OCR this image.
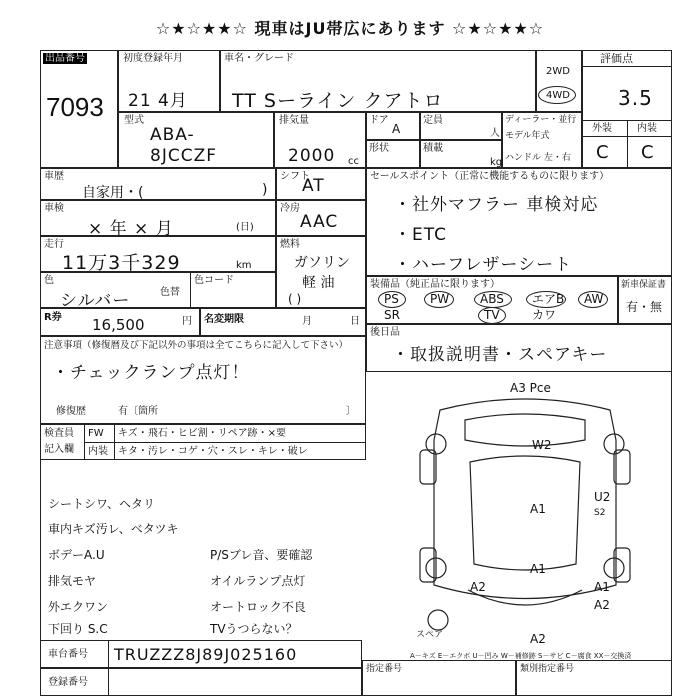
☆★☆★★☆ 現車はJU帯広にあります ☆★☆★★☆
出品番号
7093
初度登録年月
21 4月
車名・グレード
TT Sーライン クアトロ
2WD
4WD
評価点
3.5
外装	内装
C C
型式
ABA-
8JCCZF
排気量
2000 cc
ドア
A
定員
人
形状	積載
kg
ディーラー・並行
モデル年式
ハンドル 左・右
車歴
自家用・(	)
シフト
AT
車検
× 年 × 月	(日)
冷房
AAC
走行
11万3千329	km
燃料
ガソリン
軽 油
( )
色
シルバー	色替
色コード
セールスポイント（正常に機能するものに限ります）
・社外マフラー 車検対応
・ETC
・ハーフレザーシート
装備品（純正品に限ります）
PS	PW	ABS エアB AW
SR	TV	カワ
新車保証書
有・無
R券 16,500	円 名変期限	月	日
注意事項（修復暦及び下記以外の事項は全てこちらに記入して下さい）
・チェックランプ点灯！
修復歴	有〔箇所	〕
後日品
・取扱説明書・スペアキー
検査員
記入欄
FW キズ・飛石・ヒビ割・リペア跡・×要
内装 キタ・汚レ・コゲ・穴・スレ・キレ・破レ
シートシワ、ヘタリ
車内キズ汚レ、ベタツキ
ボデーA.U
排気モヤ
外エクワン
下回り S.C
P/Sブレ音、要確認
オイルランプ点灯
オートロック不良
TVうつらない？
A3 Pce
W2
A1
U2
S2
A1
A2	A1
A2
A2
A－キズ E－エクボ U－凹み W－補修跡 S－サビ C－腐食 XX－交換済
スペア
車台番号 TRUZZZ8J89J025160
登録番号
指定番号	類別指定番号
